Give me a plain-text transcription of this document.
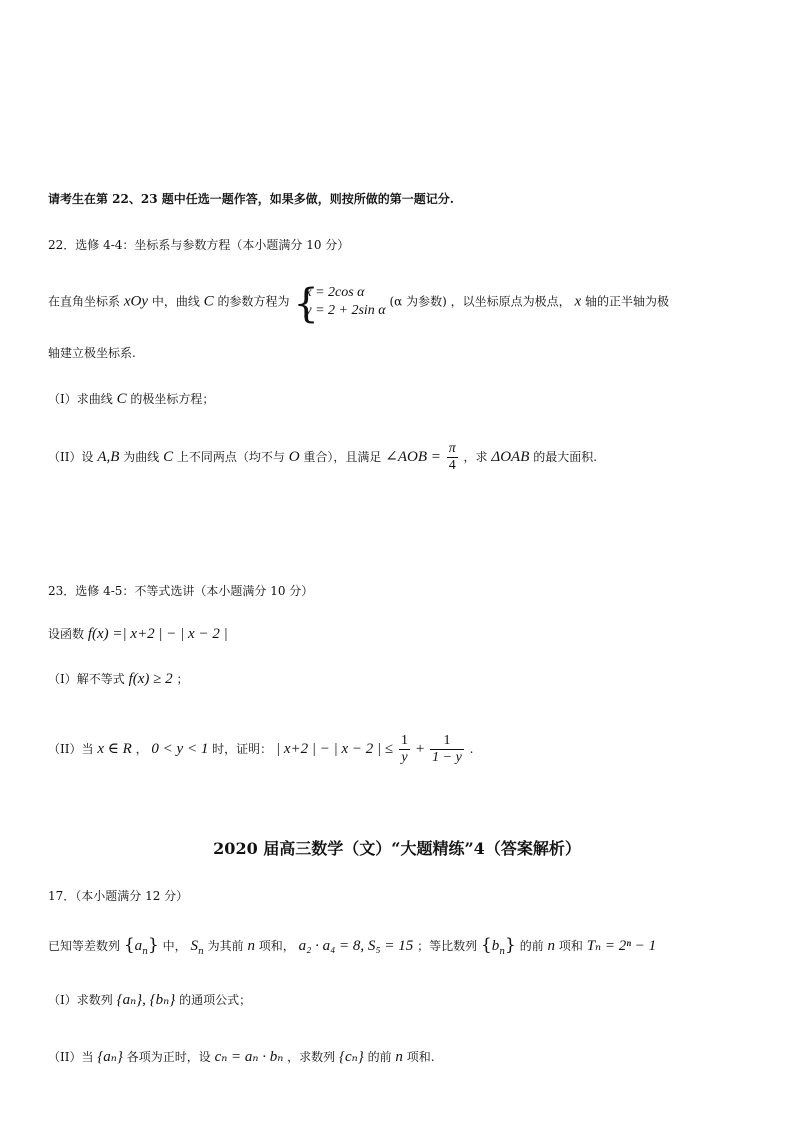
请考生在第 22、23 题中任选一题作答，如果多做，则按所做的第一题记分.
22．选修 4-4：坐标系与参数方程（本小题满分 10 分）
在直角坐标系 xOy 中，曲线 C 的参数方程为 {
x = 2cos α
y = 2 + 2sin α
(α 为参数) ，以坐标原点为极点， x 轴的正半轴为极
轴建立极坐标系.
（I）求曲线 C 的极坐标方程；
（II）设 A,B 为曲线 C 上不同两点（均不与 O 重合），且满足 ∠AOB = $\frac{\pi}{4}$ ，求 ΔOAB 的最大面积.
23．选修 4-5：不等式选讲（本小题满分 10 分）
设函数 f(x) =| x+2 | − | x − 2 |
（I）解不等式 f(x) ≥ 2 ；
（II）当 x ∈ R ， 0 < y < 1 时，证明： | x+2 | − | x − 2 | ≤ $\frac{1}{y} + \frac{1}{1 - y}$ .
2020 届高三数学（文）“大题精练”4（答案解析）
17．（本小题满分 12 分）
已知等差数列 $\{a_n\}$ 中， $S_n$ 为其前 n 项和， a₂ · a₄ = 8, S₅ = 15 ；等比数列 $\{b_n\}$ 的前 n 项和 Tₙ = 2ⁿ − 1
（I）求数列 {aₙ}, {bₙ} 的通项公式；
（II）当 {aₙ} 各项为正时，设 cₙ = aₙ · bₙ ，求数列 {cₙ} 的前 n 项和.
